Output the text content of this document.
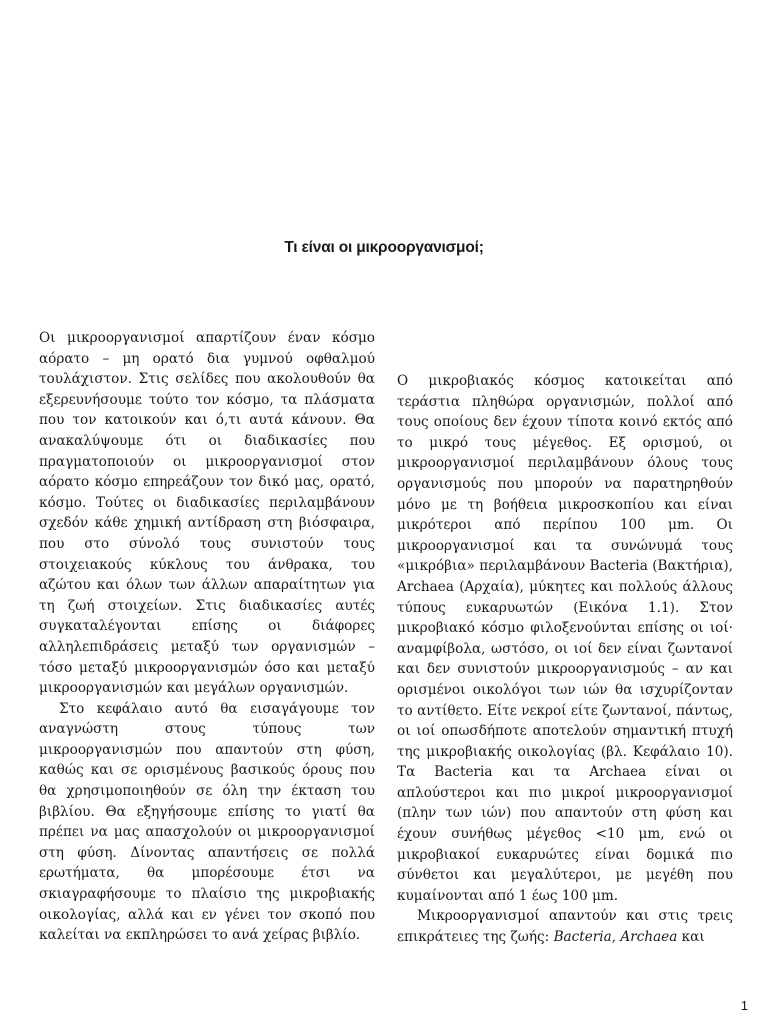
Τι είναι οι μικροοργανισμοί;

Οι μικροοργανισμοί απαρτίζουν έναν κόσμο αόρατο – μη ορατό δια γυμνού οφθαλμού τουλάχιστον. Στις σελίδες που ακολουθούν θα εξερευνήσουμε τούτο τον κόσμο, τα πλάσματα που τον κατοικούν και ό,τι αυτά κάνουν. Θα ανακαλύψουμε ότι οι διαδικασίες που πραγματοποιούν οι μικροοργανισμοί στον αόρατο κόσμο επηρεάζουν τον δικό μας, ορατό, κόσμο. Τούτες οι διαδικασίες περιλαμβάνουν σχεδόν κάθε χημική αντίδραση στη βιόσφαιρα, που στο σύνολό τους συνιστούν τους στοιχειακούς κύκλους του άνθρακα, του αζώτου και όλων των άλλων απαραίτητων για τη ζωή στοιχείων. Στις διαδικασίες αυτές συγκαταλέγονται επίσης οι διάφορες αλληλεπιδράσεις μεταξύ των οργανισμών – τόσο μεταξύ μικροοργανισμών όσο και μεταξύ μικροοργανισμών και μεγάλων οργανισμών.

Στο κεφάλαιο αυτό θα εισαγάγουμε τον αναγνώστη στους τύπους των μικροοργανισμών που απαντούν στη φύση, καθώς και σε ορισμένους βασικούς όρους που θα χρησιμοποιηθούν σε όλη την έκταση του βιβλίου. Θα εξηγήσουμε επίσης το γιατί θα πρέπει να μας απασχολούν οι μικροοργανισμοί στη φύση. Δίνοντας απαντήσεις σε πολλά ερωτήματα, θα μπορέσουμε έτσι να σκιαγραφήσουμε το πλαίσιο της μικροβιακής οικολογίας, αλλά και εν γένει τον σκοπό που καλείται να εκπληρώσει το ανά χείρας βιβλίο.

Ο μικροβιακός κόσμος κατοικείται από τεράστια πληθώρα οργανισμών, πολλοί από τους οποίους δεν έχουν τίποτα κοινό εκτός από το μικρό τους μέγεθος. Εξ ορισμού, οι μικροοργανισμοί περιλαμβάνουν όλους τους οργανισμούς που μπορούν να παρατηρηθούν μόνο με τη βοήθεια μικροσκοπίου και είναι μικρότεροι από περίπου 100 μm. Οι μικροοργανισμοί και τα συνώνυμά τους «μικρόβια» περιλαμβάνουν Bacteria (Βακτήρια), Archaea (Αρχαία), μύκητες και πολλούς άλλους τύπους ευκαρυωτών (Εικόνα 1.1). Στον μικροβιακό κόσμο φιλοξενούνται επίσης οι ιοί· αναμφίβολα, ωστόσο, οι ιοί δεν είναι ζωντανοί και δεν συνιστούν μικροοργανισμούς – αν και ορισμένοι οικολόγοι των ιών θα ισχυρίζονταν το αντίθετο. Είτε νεκροί είτε ζωντανοί, πάντως, οι ιοί οπωσδήποτε αποτελούν σημαντική πτυχή της μικροβιακής οικολογίας (βλ. Κεφάλαιο 10). Τα Bacteria και τα Archaea είναι οι απλούστεροι και πιο μικροί μικροοργανισμοί (πλην των ιών) που απαντούν στη φύση και έχουν συνήθως μέγεθος <10 μm, ενώ οι μικροβιακοί ευκαρυώτες είναι δομικά πιο σύνθετοι και μεγαλύτεροι, με μεγέθη που κυμαίνονται από 1 έως 100 μm.

Μικροοργανισμοί απαντούν και στις τρεις επικράτειες της ζωής: Bacteria, Archaea και

1
